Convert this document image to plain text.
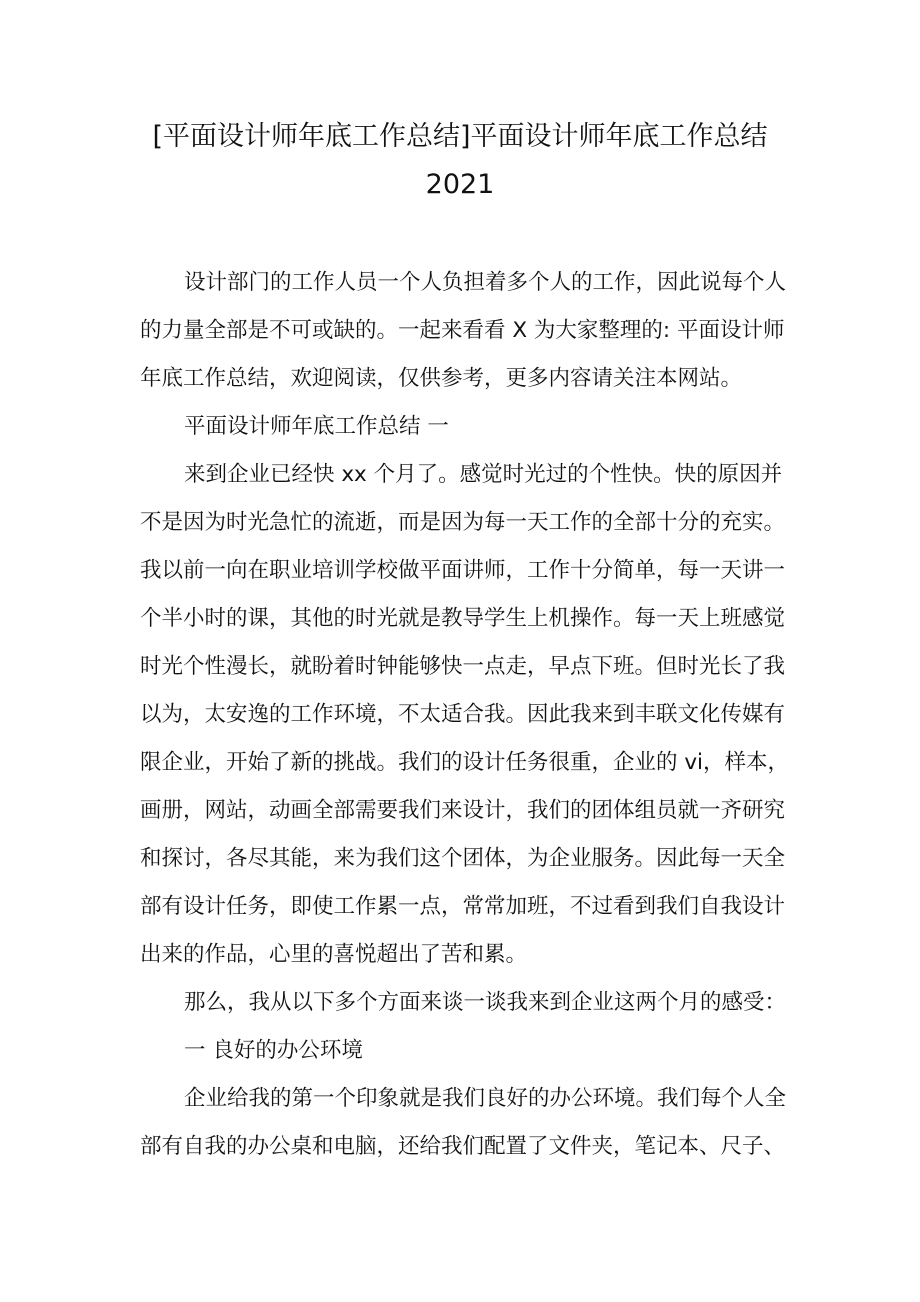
[平面设计师年底工作总结]平面设计师年底工作总结
2021
设计部门的工作人员一个人负担着多个人的工作，因此说每个人
的力量全部是不可或缺的。一起来看看 X 为大家整理的: 平面设计师
年底工作总结，欢迎阅读，仅供参考，更多内容请关注本网站。
平面设计师年底工作总结 一
来到企业已经快 xx 个月了。感觉时光过的个性快。快的原因并
不是因为时光急忙的流逝，而是因为每一天工作的全部十分的充实。
我以前一向在职业培训学校做平面讲师，工作十分简单，每一天讲一
个半小时的课，其他的时光就是教导学生上机操作。每一天上班感觉
时光个性漫长，就盼着时钟能够快一点走，早点下班。但时光长了我
以为，太安逸的工作环境，不太适合我。因此我来到丰联文化传媒有
限企业，开始了新的挑战。我们的设计任务很重，企业的 vi，样本，
画册，网站，动画全部需要我们来设计，我们的团体组员就一齐研究
和探讨，各尽其能，来为我们这个团体，为企业服务。因此每一天全
部有设计任务，即使工作累一点，常常加班，不过看到我们自我设计
出来的作品，心里的喜悦超出了苦和累。
那么，我从以下多个方面来谈一谈我来到企业这两个月的感受：
一 良好的办公环境
企业给我的第一个印象就是我们良好的办公环境。我们每个人全
部有自我的办公桌和电脑，还给我们配置了文件夹，笔记本、尺子、
